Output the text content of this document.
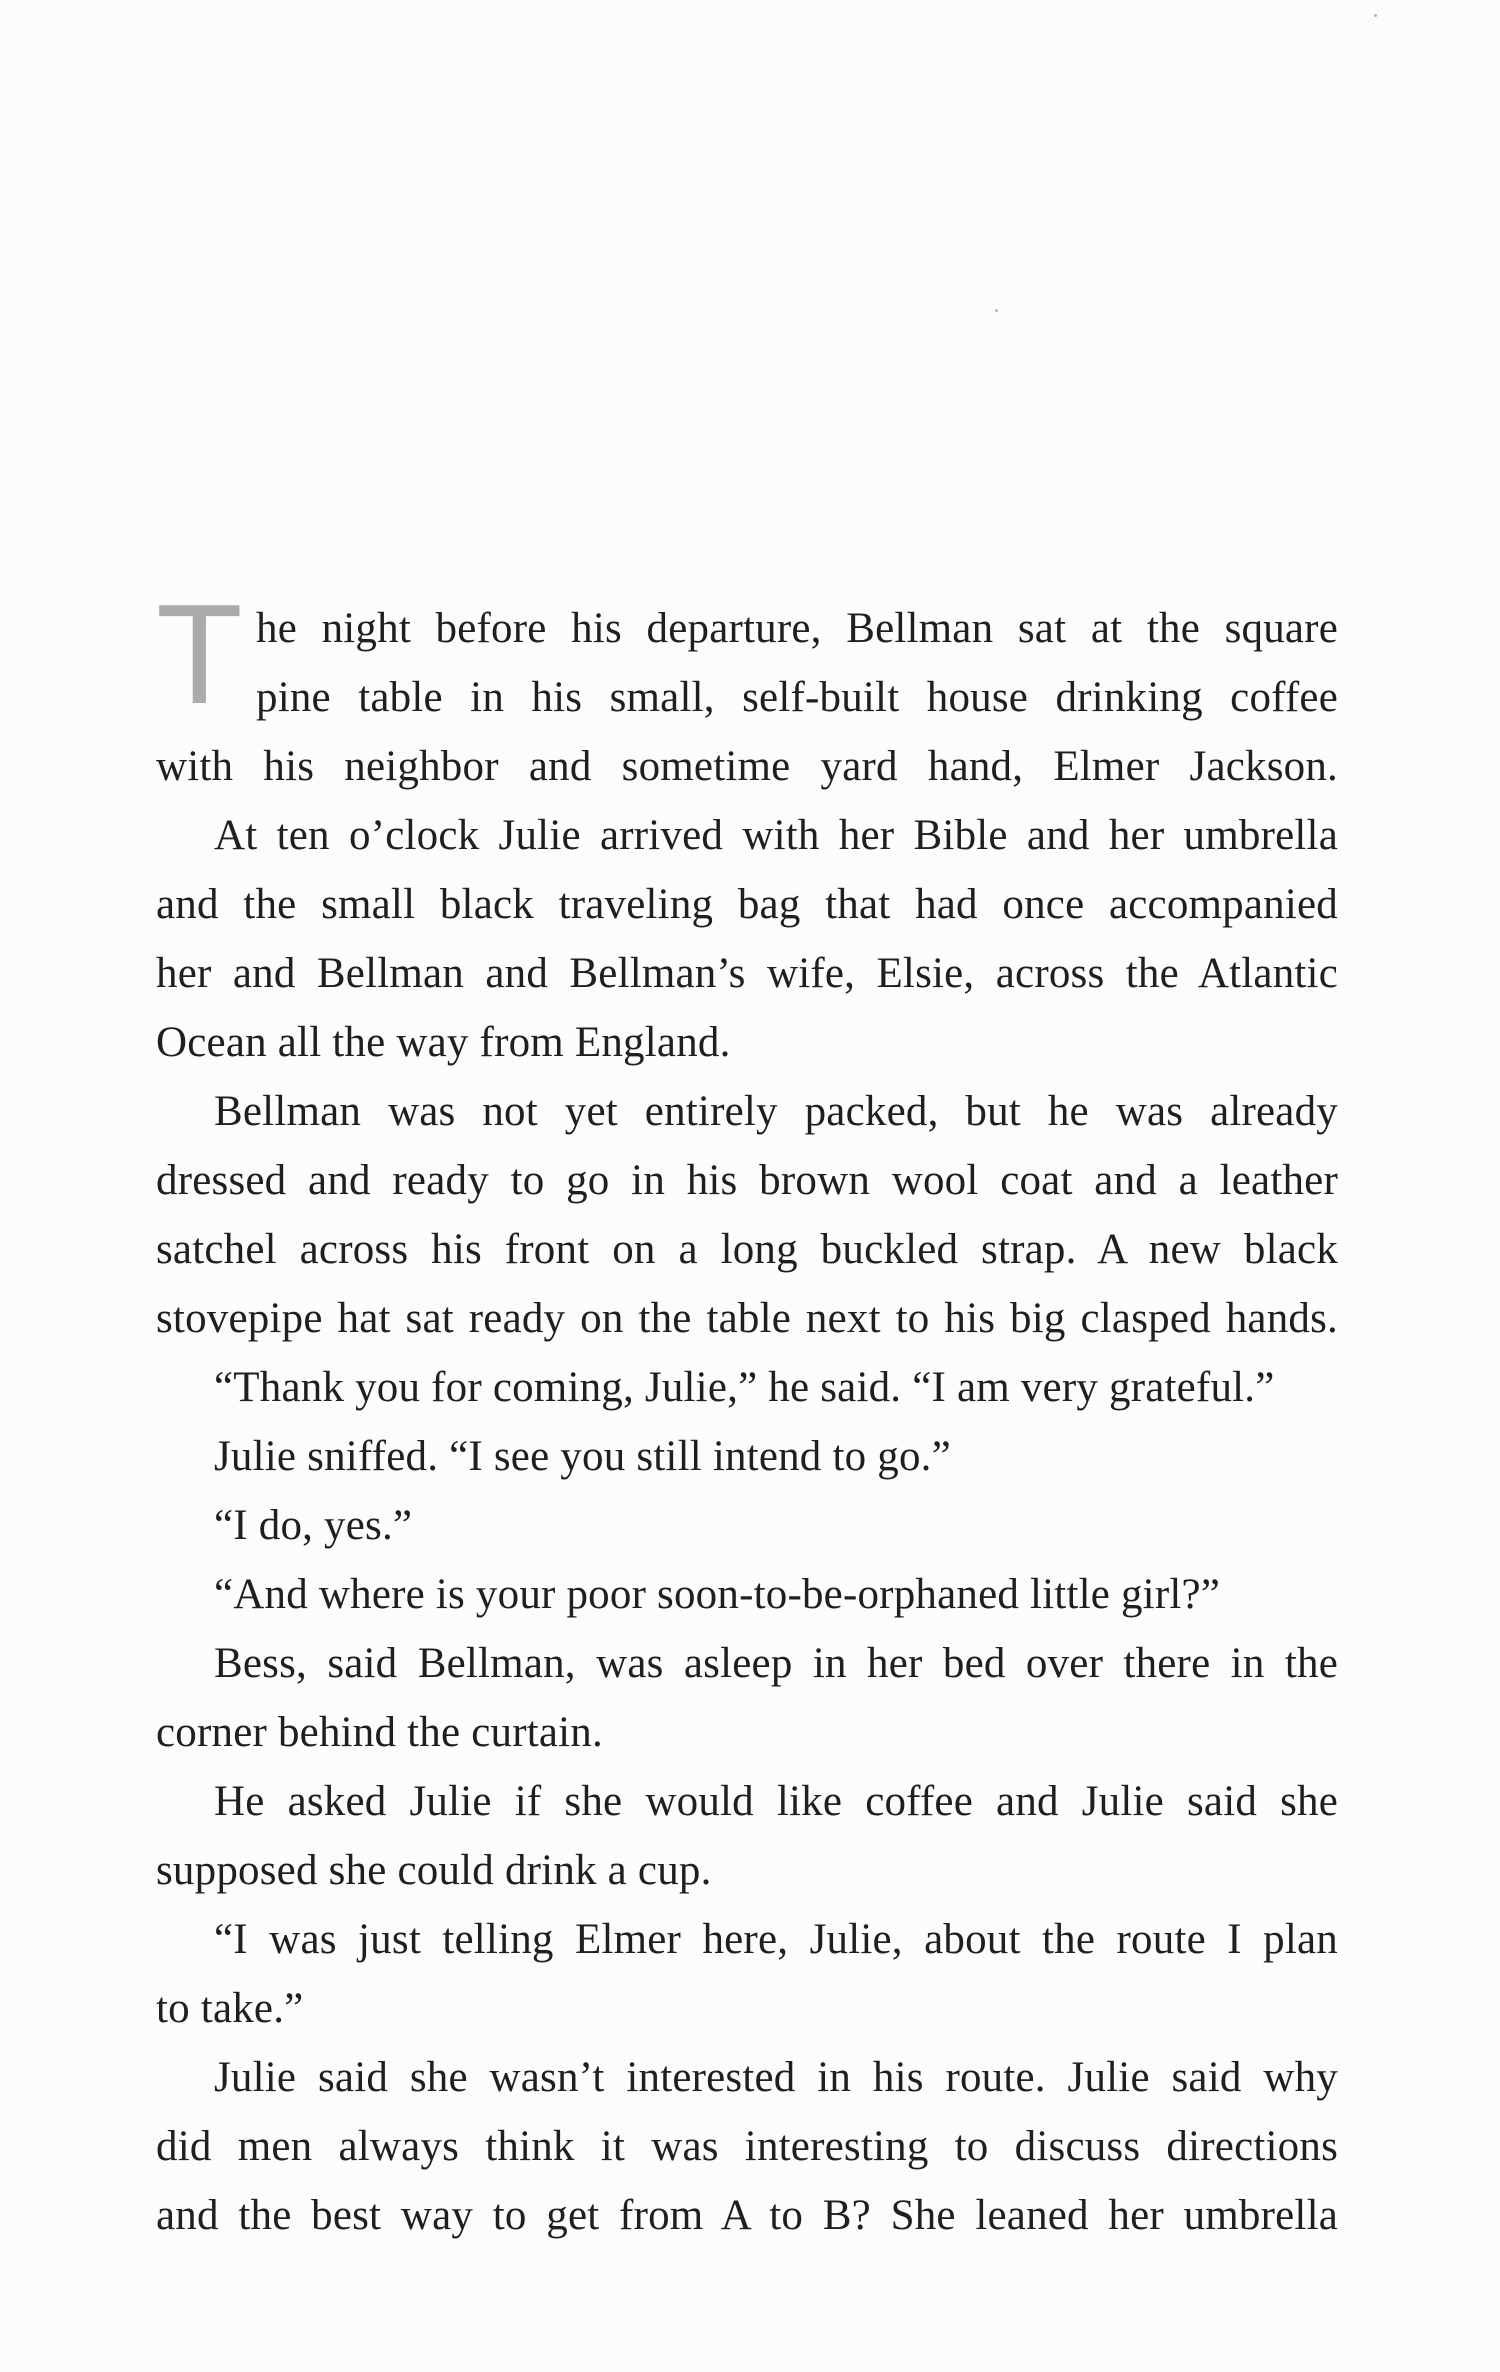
T he night before his departure, Bellman sat at the square
pine table in his small, self-built house drinking coffee
with his neighbor and sometime yard hand, Elmer Jackson.
At ten o’clock Julie arrived with her Bible and her umbrella
and the small black traveling bag that had once accompanied
her and Bellman and Bellman’s wife, Elsie, across the Atlantic
Ocean all the way from England.
Bellman was not yet entirely packed, but he was already
dressed and ready to go in his brown wool coat and a leather
satchel across his front on a long buckled strap. A new black
stovepipe hat sat ready on the table next to his big clasped hands.
“Thank you for coming, Julie,” he said. “I am very grateful.”
Julie sniffed. “I see you still intend to go.”
“I do, yes.”
“And where is your poor soon-to-be-orphaned little girl?”
Bess, said Bellman, was asleep in her bed over there in the
corner behind the curtain.
He asked Julie if she would like coffee and Julie said she
supposed she could drink a cup.
“I was just telling Elmer here, Julie, about the route I plan
to take.”
Julie said she wasn’t interested in his route. Julie said why
did men always think it was interesting to discuss directions
and the best way to get from A to B? She leaned her umbrella
